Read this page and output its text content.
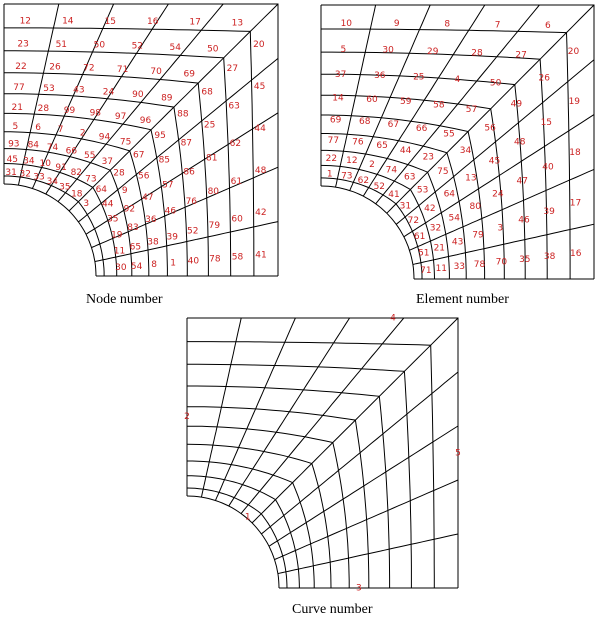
12	14	15	16	17	13
20
45
44
48
42
41
23	51	50	52	54	50
27
63
62
61
60
58
22	26 72 71 70 69
68
25
81
80
79
78
77 53 43 24 90 89
88
87
86
76
52
40
21 28 99 98 97 96
95
85
57
46
39
1
5 6 7 2 94 75
67
56
47
36
38
8
93 84 74 66 55
37
28
9
92
83
65
54
45 34 10 91
82
73
64
44
35
19
11
30
31 32 33 34
35
18
3
10	9	8	7	6
20
19
18
17
16
5	30	29	28	27
26
15
40
39
38
37	36	25	4	50
49
48
47
46
35
14	60 59 58 57
56
45
24
3
70
69 68 67 66
55
34
13
80
79
78
77 76 65 44
23
75
64
54
43
33
22 12 2
74
63
53
42
32
21
11
1 73 62
52
41
31
72
61
51
71
1
2
3
4
5
Node number	Element number
Curve number
